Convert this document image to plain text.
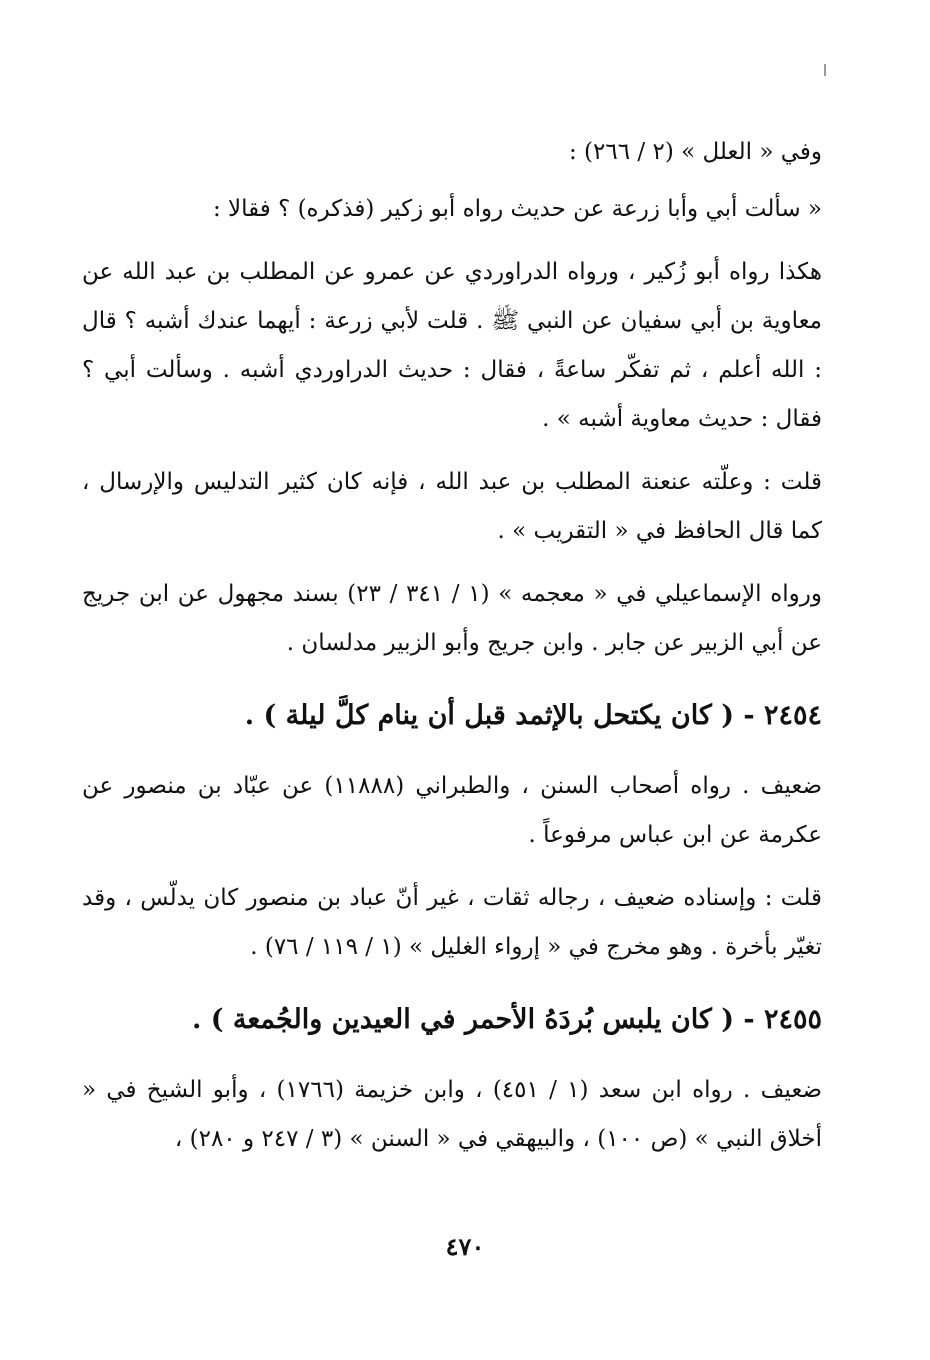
وفي « العلل » (٢ / ٢٦٦) :

« سألت أبي وأبا زرعة عن حديث رواه أبو زكير (فذكره) ؟ فقالا :

هكذا رواه أبو زُكير ، ورواه الدراوردي عن عمرو عن المطلب بن عبد الله عن معاوية بن أبي سفيان عن النبي ﷺ . قلت لأبي زرعة : أيهما عندك أشبه ؟ قال : الله أعلم ، ثم تفكّر ساعةً ، فقال : حديث الدراوردي أشبه . وسألت أبي ؟ فقال : حديث معاوية أشبه » .

قلت : وعلّته عنعنة المطلب بن عبد الله ، فإنه كان كثير التدليس والإرسال ، كما قال الحافظ في « التقريب » .

ورواه الإسماعيلي في « معجمه » (١ / ٣٤١ / ٢٣) بسند مجهول عن ابن جريج عن أبي الزبير عن جابر . وابن جريج وأبو الزبير مدلسان .

٢٤٥٤ - ( كان يكتحل بالإثمد قبل أن ينام كلَّ ليلة ) .

ضعيف . رواه أصحاب السنن ، والطبراني (١١٨٨٨) عن عبّاد بن منصور عن عكرمة عن ابن عباس مرفوعاً .

قلت : وإسناده ضعيف ، رجاله ثقات ، غير أنّ عباد بن منصور كان يدلّس ، وقد تغيّر بأخرة . وهو مخرج في « إرواء الغليل » (١ / ١١٩ / ٧٦) .

٢٤٥٥ - ( كان يلبس بُردَهُ الأحمر في العيدين والجُمعة ) .

ضعيف . رواه ابن سعد (١ / ٤٥١) ، وابن خزيمة (١٧٦٦) ، وأبو الشيخ في « أخلاق النبي » (ص ١٠٠) ، والبيهقي في « السنن » (٣ / ٢٤٧ و ٢٨٠) ،

٤٧٠
